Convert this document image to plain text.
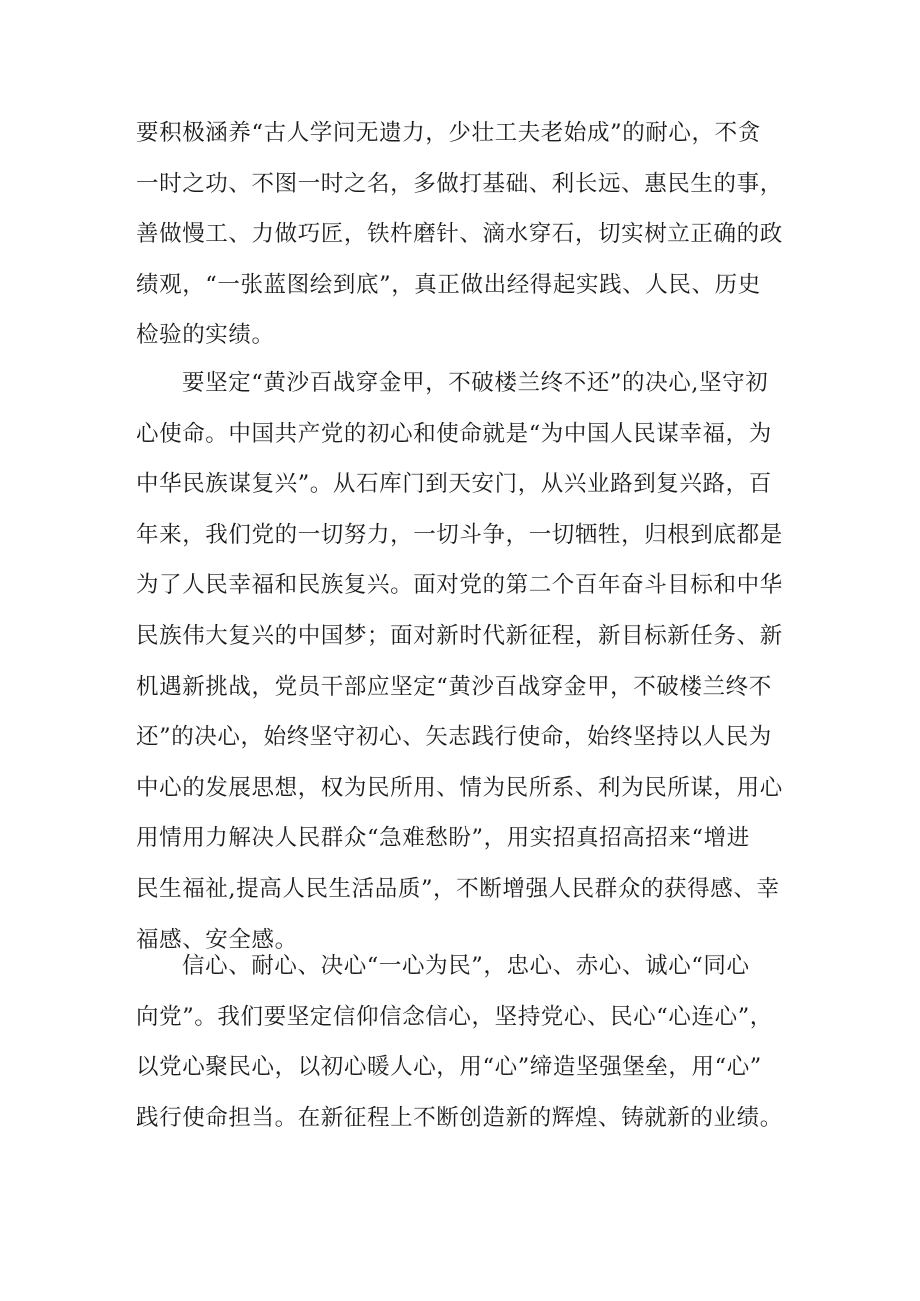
要积极涵养“古人学问无遗力，少壮工夫老始成”的耐心，不贪
一时之功、不图一时之名，多做打基础、利长远、惠民生的事，
善做慢工、力做巧匠，铁杵磨针、滴水穿石，切实树立正确的政
绩观，“一张蓝图绘到底”，真正做出经得起实践、人民、历史
检验的实绩。
要坚定“黄沙百战穿金甲，不破楼兰终不还”的决心,坚守初
心使命。中国共产党的初心和使命就是“为中国人民谋幸福，为
中华民族谋复兴”。从石库门到天安门，从兴业路到复兴路，百
年来，我们党的一切努力，一切斗争，一切牺牲，归根到底都是
为了人民幸福和民族复兴。面对党的第二个百年奋斗目标和中华
民族伟大复兴的中国梦；面对新时代新征程，新目标新任务、新
机遇新挑战，党员干部应坚定“黄沙百战穿金甲，不破楼兰终不
还”的决心，始终坚守初心、矢志践行使命，始终坚持以人民为
中心的发展思想，权为民所用、情为民所系、利为民所谋，用心
用情用力解决人民群众“急难愁盼”，用实招真招高招来“增进
民生福祉,提高人民生活品质”，不断增强人民群众的获得感、幸
福感、安全感。
信心、耐心、决心“一心为民”，忠心、赤心、诚心“同心
向党”。我们要坚定信仰信念信心，坚持党心、民心“心连心”，
以党心聚民心，以初心暖人心，用“心”缔造坚强堡垒，用“心”
践行使命担当。在新征程上不断创造新的辉煌、铸就新的业绩。
